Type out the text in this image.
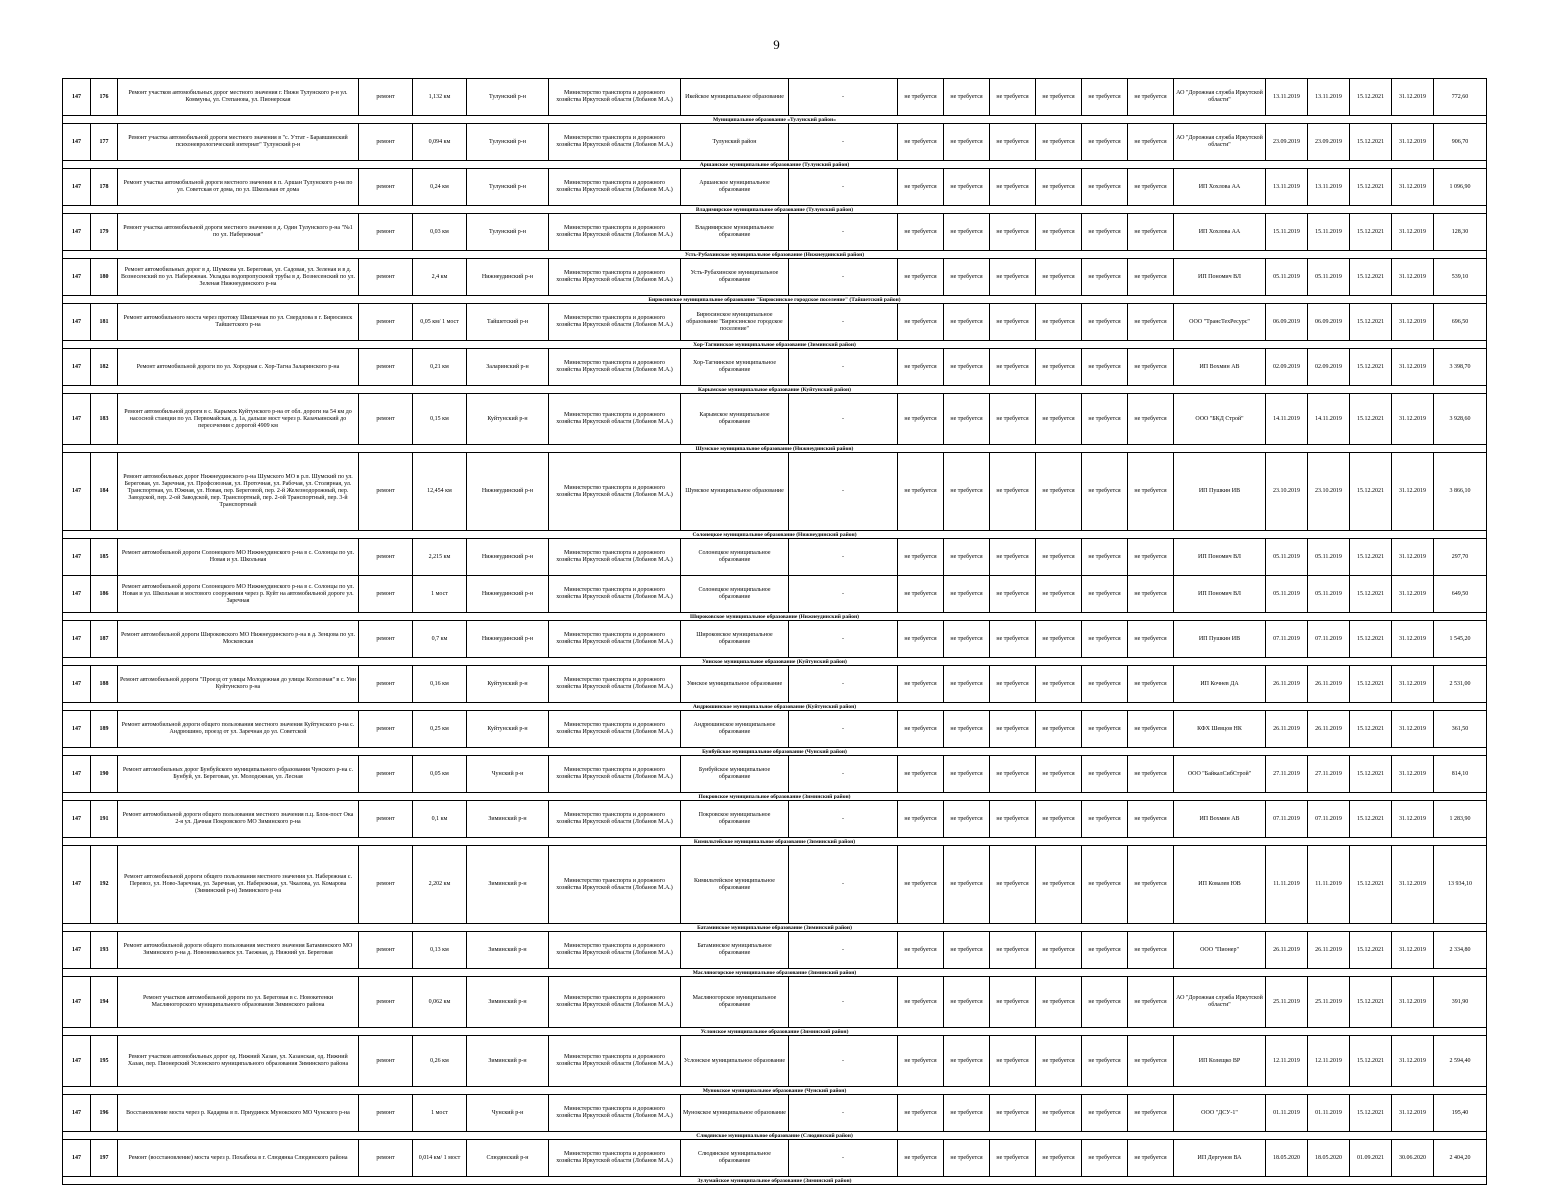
9
147	176	Ремонт участков автомобильных дорог местного значения г. Нижн Тулунского р-н ул. Коммуны, ул. Степанова, ул. Пионерская	ремонт	1,132 км	Тулунский р-н	Министерство транспорта и дорожного хозяйства Иркутской области (Лобанов М.А.)	Икейское муниципальное образование	-	не требуется	не требуется	не требуется	не требуется	не требуется	не требуется	АО "Дорожная служба Иркутской области"	13.11.2019	13.11.2019	15.12.2021	31.12.2019	772,60
Муниципальное образование «Тулунский район»																				
147	177	Ремонт участка автомобильной дороги местного значения в "с. Утгат - Баравшинский психоневрологический интернат" Тулунский р-н	ремонт	0,094 км	Тулунский р-н	Министерство транспорта и дорожного хозяйства Иркутской области (Лобанов М.А.)	Тулунский район	-	не требуется	не требуется	не требуется	не требуется	не требуется	не требуется	АО "Дорожная служба Иркутской области"	23.09.2019	23.09.2019	15.12.2021	31.12.2019	906,70
Аршанское муниципальное образование (Тулунский район)																				
147	178	Ремонт участка автомобильной дороги местного значения в п. Аршан Тулунского р-на по ул. Советская от дома, по ул. Школьная от дома	ремонт	0,24 км	Тулунский р-н	Министерство транспорта и дорожного хозяйства Иркутской области (Лобанов М.А.)	Аршанское муниципальное образование	-	не требуется	не требуется	не требуется	не требуется	не требуется	не требуется	ИП Хохлова АА	13.11.2019	13.11.2019	15.12.2021	31.12.2019	1 096,90
Владимирское муниципальное образование (Тулунский район)																				
147	179	Ремонт участка автомобильной дороги местного значения в д. Один Тулунского р-на "№1 по ул. Набережная"	ремонт	0,03 км	Тулунский р-н	Министерство транспорта и дорожного хозяйства Иркутской области (Лобанов М.А.)	Владимирское муниципальное образование	-	не требуется	не требуется	не требуется	не требуется	не требуется	не требуется	ИП Хохлова АА	15.11.2019	15.11.2019	15.12.2021	31.12.2019	128,30
Усть-Рубахинское муниципальное образование (Нижнеудинский район)																				
147	180	Ремонт автомобильных дорог в д. Шумкова ул. Береговая, ул. Садовая, ул. Зеленая и в д. Вознесенский по ул. Набережная. Укладка водопропускной трубы в д. Вознесенский по ул. Зеленая Нижнеудинского р-на	ремонт	2,4 км	Нижнеудинский р-н	Министерство транспорта и дорожного хозяйства Иркутской области (Лобанов М.А.)	Усть-Рубахинское муниципальное образование	-	не требуется	не требуется	не требуется	не требуется	не требуется	не требуется	ИП Пономич ВЛ	05.11.2019	05.11.2019	15.12.2021	31.12.2019	539,10
Бирюсинское муниципальное образование "Бирюсинское городское поселение" (Тайшетский район)																				
147	181	Ремонт автомобильного моста через протоку Шишечная по ул. Свердлова в г. Бирюсинск Тайшетского р-на	ремонт	0,05 км/ 1 мост	Тайшетский р-н	Министерство транспорта и дорожного хозяйства Иркутской области (Лобанов М.А.)	Бирюсинское муниципальное образование "Бирюсинское городское поселение"	-	не требуется	не требуется	не требуется	не требуется	не требуется	не требуется	ООО "ТрансТехРесурс"	06.09.2019	06.09.2019	15.12.2021	31.12.2019	696,50
Хор-Тагнинское муниципальное образование (Зиминский район)																				
147	182	Ремонт автомобильной дороги по ул. Хородная с. Хор-Тагна Заларинского р-на	ремонт	0,21 км	Заларинский р-н	Министерство транспорта и дорожного хозяйства Иркутской области (Лобанов М.А.)	Хор-Тагнинское муниципальное образование	-	не требуется	не требуется	не требуется	не требуется	не требуется	не требуется	ИП Вохмин АВ	02.09.2019	02.09.2019	15.12.2021	31.12.2019	3 398,70
Карымское муниципальное образование (Куйтунский район)																				
147	183	Ремонт автомобильной дороги в с. Карымск Куйтунского р-на от обл. дороги на 54 км до насосной станции по ул. Первомайская, д. 1а, дальше мост через р. Казачьинский до пересечения с дорогой 4909 км	ремонт	0,15 км	Куйтунский р-н	Министерство транспорта и дорожного хозяйства Иркутской области (Лобанов М.А.)	Карымское муниципальное образование	-	не требуется	не требуется	не требуется	не требуется	не требуется	не требуется	ООО "БКД Строй"	14.11.2019	14.11.2019	15.12.2021	31.12.2019	3 928,60
Шумское муниципальное образование (Нижнеудинский район)																				
147	184	Ремонт автомобильных дорог Нижнеудинского р-на Шумского МО в р.п. Шумский по ул. Береговая, ул. Заречная, ул. Профсоюзная, ул. Проточная, ул. Рабочая, ул. Столярная, ул. Транспортная, ул. Южная, ул. Новая, пер. Береговой, пер. 2-й Железнодорожный, пер. Заводской, пер. 2-ой Заводской, пер. Транспортный, пер. 2-ой Транспортный, пер. 3-й Транспортный	ремонт	12,454 км	Нижнеудинский р-н	Министерство транспорта и дорожного хозяйства Иркутской области (Лобанов М.А.)	Шумское муниципальное образование	-	не требуется	не требуется	не требуется	не требуется	не требуется	не требуется	ИП Пушкин ИВ	23.10.2019	23.10.2019	15.12.2021	31.12.2019	3 866,10
Солонецкое муниципальное образование (Нижнеудинский район)																				
147	185	Ремонт автомобильной дороги Солонецкого МО Нижнеудинского р-на в с. Солонцы по ул. Новая и ул. Школьная	ремонт	2,215 км	Нижнеудинский р-н	Министерство транспорта и дорожного хозяйства Иркутской области (Лобанов М.А.)	Солонецкое муниципальное образование	-	не требуется	не требуется	не требуется	не требуется	не требуется	не требуется	ИП Пономич ВЛ	05.11.2019	05.11.2019	15.12.2021	31.12.2019	297,70
147	186	Ремонт автомобильной дороги Солонецкого МО Нижнеудинского р-на в с. Солонцы по ул. Новая и ул. Школьная и мостового сооружения через р. Куйт на автомобильной дороге ул. Заречная	ремонт	1 мост	Нижнеудинский р-н	Министерство транспорта и дорожного хозяйства Иркутской области (Лобанов М.А.)	Солонецкое муниципальное образование	-	не требуется	не требуется	не требуется	не требуется	не требуется	не требуется	ИП Пономич ВЛ	05.11.2019	05.11.2019	15.12.2021	31.12.2019	649,50
Широковское муниципальное образование (Нижнеудинский район)																				
147	187	Ремонт автомобильной дороги Широковского МО Нижнеудинского р-на в д. Зенцова по ул. Московская	ремонт	0,7 км	Нижнеудинский р-н	Министерство транспорта и дорожного хозяйства Иркутской области (Лобанов М.А.)	Широковское муниципальное образование	-	не требуется	не требуется	не требуется	не требуется	не требуется	не требуется	ИП Пушкин ИВ	07.11.2019	07.11.2019	15.12.2021	31.12.2019	1 545,20
Уянское муниципальное образование (Куйтунский район)																				
147	188	Ремонт автомобильной дороги "Проезд от улицы Молодежная до улицы Колхозная" в с. Уян Куйтунского р-на	ремонт	0,16 км	Куйтунский р-н	Министерство транспорта и дорожного хозяйства Иркутской области (Лобанов М.А.)	Уянское муниципальное образование	-	не требуется	не требуется	не требуется	не требуется	не требуется	не требуется	ИП Кочнев ДА	26.11.2019	26.11.2019	15.12.2021	31.12.2019	2 531,00
Андрюшинское муниципальное образование (Куйтунский район)																				
147	189	Ремонт автомобильной дороги общего пользования местного значения Куйтунского р-на с. Андрюшино, проезд от ул. Заречная до ул. Советской	ремонт	0,25 км	Куйтунский р-н	Министерство транспорта и дорожного хозяйства Иркутской области (Лобанов М.А.)	Андрюшинское муниципальное образование	-	не требуется	не требуется	не требуется	не требуется	не требуется	не требуется	КФХ Шевцов НК	26.11.2019	26.11.2019	15.12.2021	31.12.2019	361,50
Бунбуйское муниципальное образование (Чунский район)																				
147	190	Ремонт автомобильных дорог Бунбуйского муниципального образования Чунского р-на с. Бунбуй, ул. Береговая, ул. Молодежная, ул. Лесная	ремонт	0,05 км	Чунский р-н	Министерство транспорта и дорожного хозяйства Иркутской области (Лобанов М.А.)	Бунбуйское муниципальное образование	-	не требуется	не требуется	не требуется	не требуется	не требуется	не требуется	ООО "БайкалСибСтрой"	27.11.2019	27.11.2019	15.12.2021	31.12.2019	814,10
Покровское муниципальное образование (Зиминский район)																				
147	191	Ремонт автомобильной дороги общего пользования местного значения п.ц. Блок-пост Ока 2-я ул. Дачная Покровского МО Зиминского р-на	ремонт	0,1 км	Зиминский р-н	Министерство транспорта и дорожного хозяйства Иркутской области (Лобанов М.А.)	Покровское муниципальное образование	-	не требуется	не требуется	не требуется	не требуется	не требуется	не требуется	ИП Вохмин АВ	07.11.2019	07.11.2019	15.12.2021	31.12.2019	1 283,90
Кимильтейское муниципальное образование (Зиминский район)																				
147	192	Ремонт автомобильной дороги общего пользования местного значения ул. Набережная с. Перевоз, ул. Ново-Заречная, ул. Заречная, ул. Набережная, ул. Чкалова, ул. Комарова (Зиминский р-н) Зиминского р-на	ремонт	2,202 км	Зиминский р-н	Министерство транспорта и дорожного хозяйства Иркутской области (Лобанов М.А.)	Кимильтейское муниципальное образование	-	не требуется	не требуется	не требуется	не требуется	не требуется	не требуется	ИП Ковалев ЮВ	11.11.2019	11.11.2019	15.12.2021	31.12.2019	13 934,10
Батаминское муниципальное образование (Зиминский район)																				
147	193	Ремонт автомобильной дороги общего пользования местного значения Батаминского МО Зиминского р-на д. Новониколаевск ул. Таежная, д. Нижний ул. Береговая	ремонт	0,13 км	Зиминский р-н	Министерство транспорта и дорожного хозяйства Иркутской области (Лобанов М.А.)	Батаминское муниципальное образование	-	не требуется	не требуется	не требуется	не требуется	не требуется	не требуется	ООО "Пионер"	26.11.2019	26.11.2019	15.12.2021	31.12.2019	2 334,80
Масляногорское муниципальное образование (Зиминский район)																				
147	194	Ремонт участков автомобильной дороги по ул. Береговая в с. Новокетенки Масляногорского муниципального образования Зиминского района	ремонт	0,062 км	Зиминский р-н	Министерство транспорта и дорожного хозяйства Иркутской области (Лобанов М.А.)	Масляногорское муниципальное образование	-	не требуется	не требуется	не требуется	не требуется	не требуется	не требуется	АО "Дорожная служба Иркутской области"	25.11.2019	25.11.2019	15.12.2021	31.12.2019	391,90
Услонское муниципальное образование (Зиминский район)																				
147	195	Ремонт участков автомобильных дорог од. Нижний Хазан, ул. Хазанская, од. Нижний Хазан, пер. Пионерский Услонского муниципального образования Зиминского района	ремонт	0,26 км	Зиминский р-н	Министерство транспорта и дорожного хозяйства Иркутской области (Лобанов М.А.)	Услонское муниципальное образование	-	не требуется	не требуется	не требуется	не требуется	не требуется	не требуется	ИП Колещко ВР	12.11.2019	12.11.2019	15.12.2021	31.12.2019	2 594,40
Мунокское муниципальное образование (Чунский район)																				
147	196	Восстановление моста через р. Кадарма в п. Приудинск Мунокского МО Чунского р-на	ремонт	1 мост	Чунский р-н	Министерство транспорта и дорожного хозяйства Иркутской области (Лобанов М.А.)	Мунокское муниципальное образование	-	не требуется	не требуется	не требуется	не требуется	не требуется	не требуется	ООО "ДСУ-1"	01.11.2019	01.11.2019	15.12.2021	31.12.2019	195,40
Слюдянское муниципальное образование (Слюдянский район)																				
147	197	Ремонт (восстановление) моста через р. Похабиха в г. Слюдянка Слюдянского района	ремонт	0,014 км/ 1 мост	Слюдянский р-н	Министерство транспорта и дорожного хозяйства Иркутской области (Лобанов М.А.)	Слюдянское муниципальное образование	-	не требуется	не требуется	не требуется	не требуется	не требуется	не требуется	ИП Дергунов ВА	18.05.2020	18.05.2020	01.09.2021	30.06.2020	2 404,20
Зулумайское муниципальное образование (Зиминский район)																				
